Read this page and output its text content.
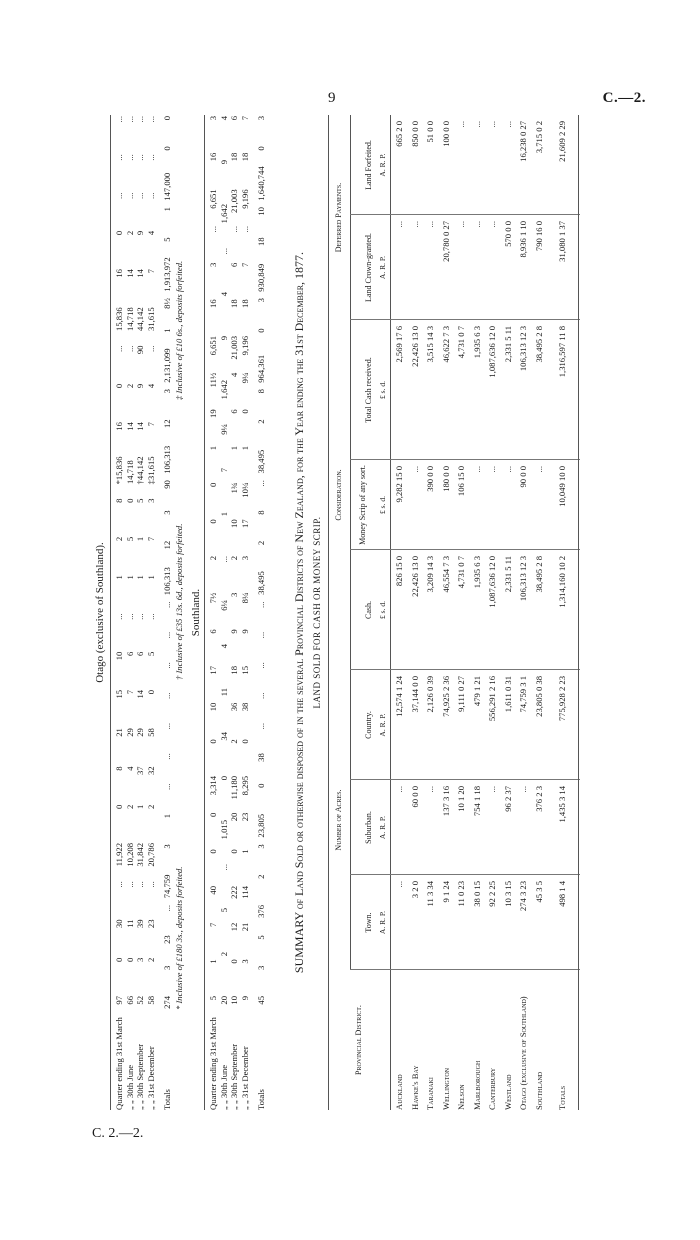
9	C.—2.
C. 2.—2.
Otago (exclusive of Southland).
Quarter ending 31st March
97
0
30
...
11,922
0
8
21
15
10
...
1
2
8
*15,836
16
0
...
15,836
16
0
...
...
...
„ „ 30th June
66
0
11
...
10,208
2
4
29
7
6
...
1
5
0
14,718
14
2
...
14,718
14
2
...
...
...
„ „ 30th September
52
3
39
...
31,842
1
37
29
14
6
...
1
1
5
†44,142
14
9
90
44,142
14
9
...
...
...
„ „ 31st December
58
2
23
...
20,786
2
32
58
0
5
...
1
7
3
‡31,615
7
4
...
31,615
7
4
...
...
...
Totals
274
3
23
...
74,759
3
1
...
...
...
...
...
...
...
106,313
12
3
90
106,313
12
3
2,131,099
1
8½
1,913,972
5
1
147,000
0
0
* Inclusive of £180 3s., deposits forfeited.
† Inclusive of £35 13s. 6d., deposits forfeited.
‡ Inclusive of £10 6s., deposits forfeited.
Southland.
Quarter ending 31st March
5
1
7
40
0
0
3,314
0
10
17
6
7½
2
0
0
1
19
11½
6,651
16
3
...
6,651
16
3
„ „ 30th June
20
2
5
...
1,015
0
34
11
4
6¼
...
1
7
9¼
1,642
9
4
...
1,642
9
4
„ „ 30th September
10
0
12
222
0
20
11,180
2
36
18
9
3
2
10
1¾
1
6
4
21,003
18
6
...
21,003
18
6
„ „ 31st December
9
3
21
114
1
23
8,295
0
38
15
9
8¼
3
17
10¼
1
0
9¼
9,196
18
7
...
9,196
18
7
Totals
45
3
5
376
2
3
23,805
0
38
...
...
...
...
...
38,495
2
8
...
38,495
2
8
964,361
0
3
930,849
18
10
1,640,744
0
3
SUMMARY of Land Sold or otherwise disposed of in the several Provincial Districts of New Zealand, for the Year ending the 31st December, 1877. LAND SOLD FOR CASH OR MONEY SCRIP.
Provincial District.
Number of Acres.
Town.
Suburban.
Country.
Consideration.
Cash.
Money Scrip of any sort.
Total Cash received.
Deferred Payments.
Land Crown-granted.
Land Forfeited.
A. R. P.
A. R. P.
A. R. P.
£ s. d.
£ s. d.
£ s. d.
A. R. P.
A. R. P.
Auckland
...
...
12,574 1 24
826 15 0
9,282 15 0
2,569 17 6
...
665 2 0
Hawke's Bay
3 2 0
60 0 0
37,144 0 0
22,426 13 0
...
22,426 13 0
...
850 0 0
Taranaki
11 3 34
...
2,126 0 39
3,209 14 3
390 0 0
3,515 14 3
...
51 0 0
Wellington
9 1 24
137 3 16
74,925 2 36
46,554 7 3
180 0 0
46,622 7 3
20,780 0 27
100 0 0
Nelson
11 0 23
10 1 20
9,111 0 27
4,731 0 7
106 15 0
4,731 0 7
...
...
Marlborough
38 0 15
754 1 18
479 1 21
1,935 6 3
...
1,935 6 3
...
...
Canterbury
92 2 25
...
556,291 2 16
1,087,636 12 0
...
1,087,636 12 0
...
...
Westland
10 3 15
96 2 37
1,611 0 31
2,331 5 11
...
2,331 5 11
570 0 0
...
Otago (exclusive of Southland)
274 3 23
...
74,759 3 1
106,313 12 3
90 0 0
106,313 12 3
8,936 1 10
16,238 0 27
Southland
45 3 5
376 2 3
23,805 0 38
38,495 2 8
...
38,495 2 8
790 16 0
3,715 0 2
Totals
498 1 4
1,435 3 14
775,928 2 23
1,314,160 10 2
10,049 10 0
1,316,597 11 8
31,080 1 37
21,609 2 29
